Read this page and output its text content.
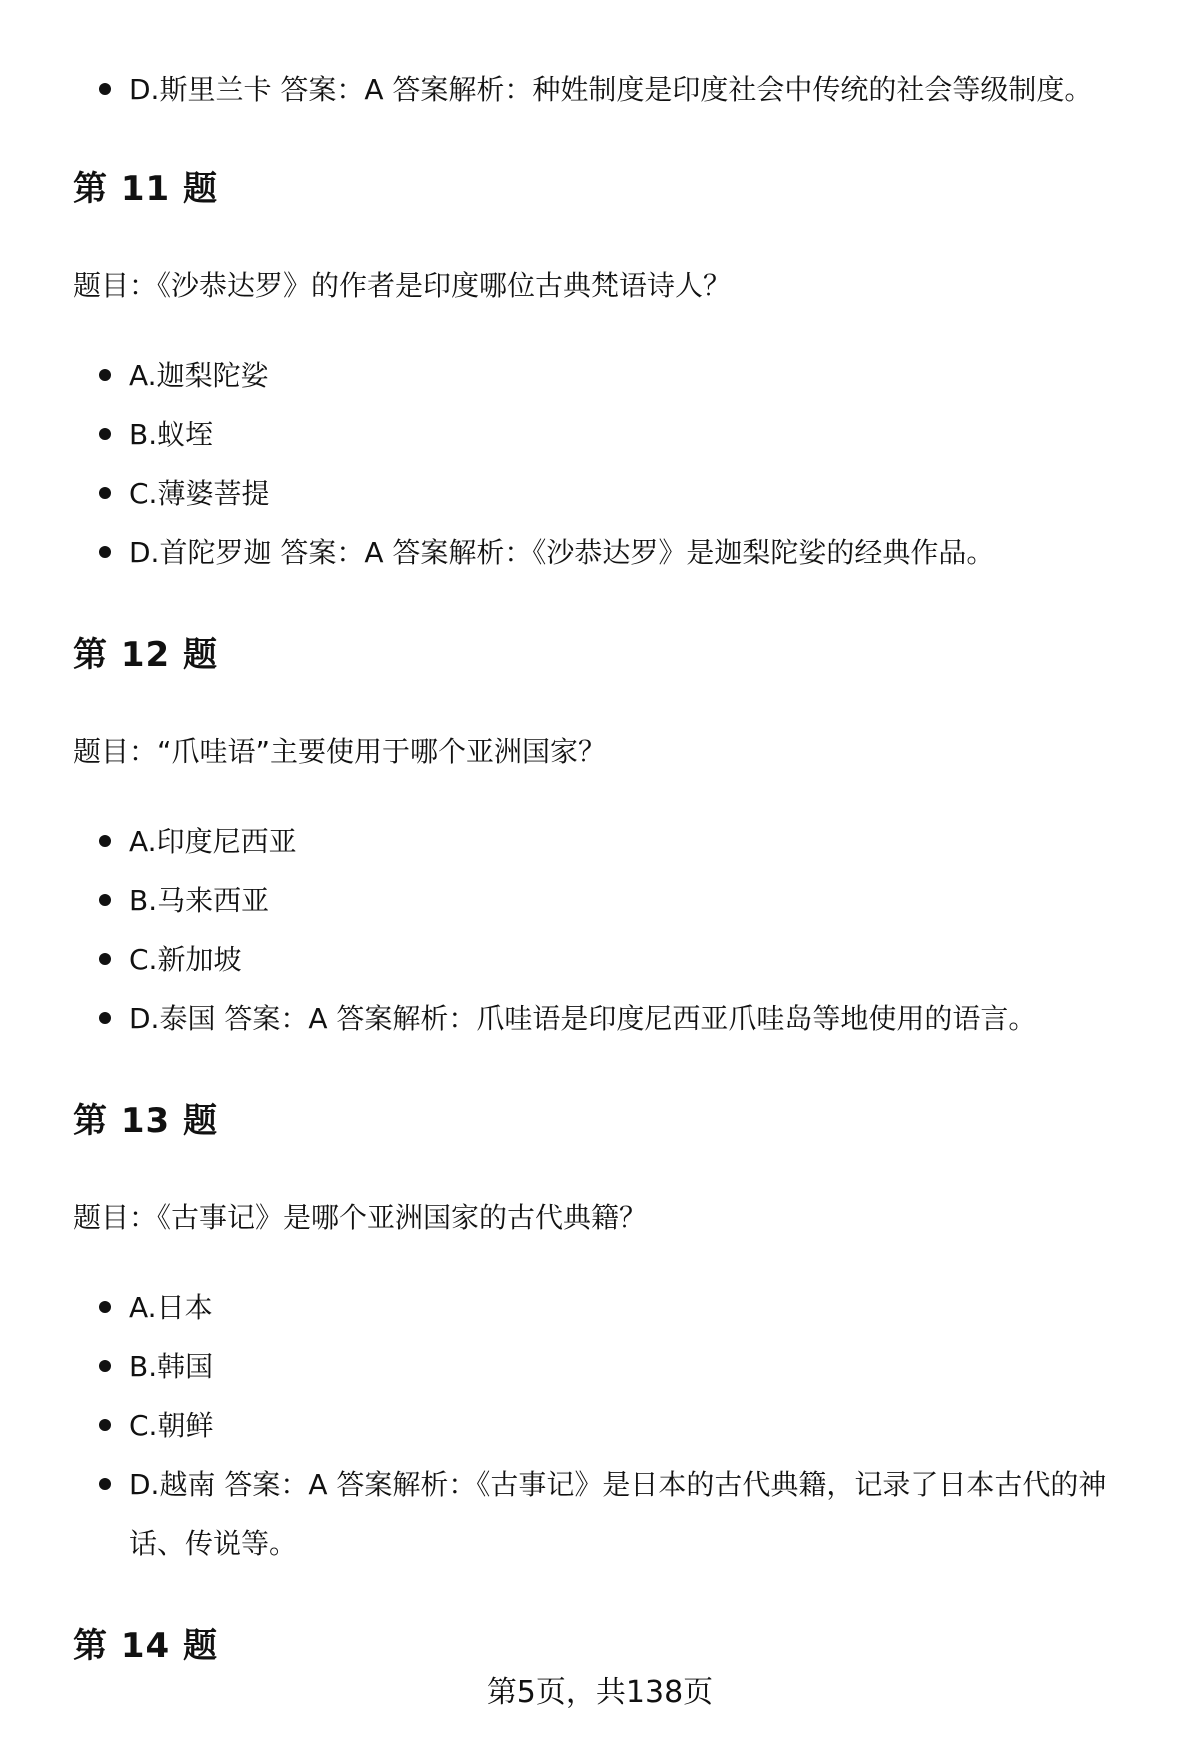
D.斯里兰卡 答案：A 答案解析：种姓制度是印度社会中传统的社会等级制度。
第 11 题
题目：《沙恭达罗》的作者是印度哪位古典梵语诗人？
A.迦梨陀娑
B.蚁垤
C.薄婆菩提
D.首陀罗迦 答案：A 答案解析：《沙恭达罗》是迦梨陀娑的经典作品。
第 12 题
题目：“爪哇语”主要使用于哪个亚洲国家？
A.印度尼西亚
B.马来西亚
C.新加坡
D.泰国 答案：A 答案解析：爪哇语是印度尼西亚爪哇岛等地使用的语言。
第 13 题
题目：《古事记》是哪个亚洲国家的古代典籍？
A.日本
B.韩国
C.朝鲜
D.越南 答案：A 答案解析：《古事记》是日本的古代典籍，记录了日本古代的神话、传说等。
第 14 题
第5页，共138页
